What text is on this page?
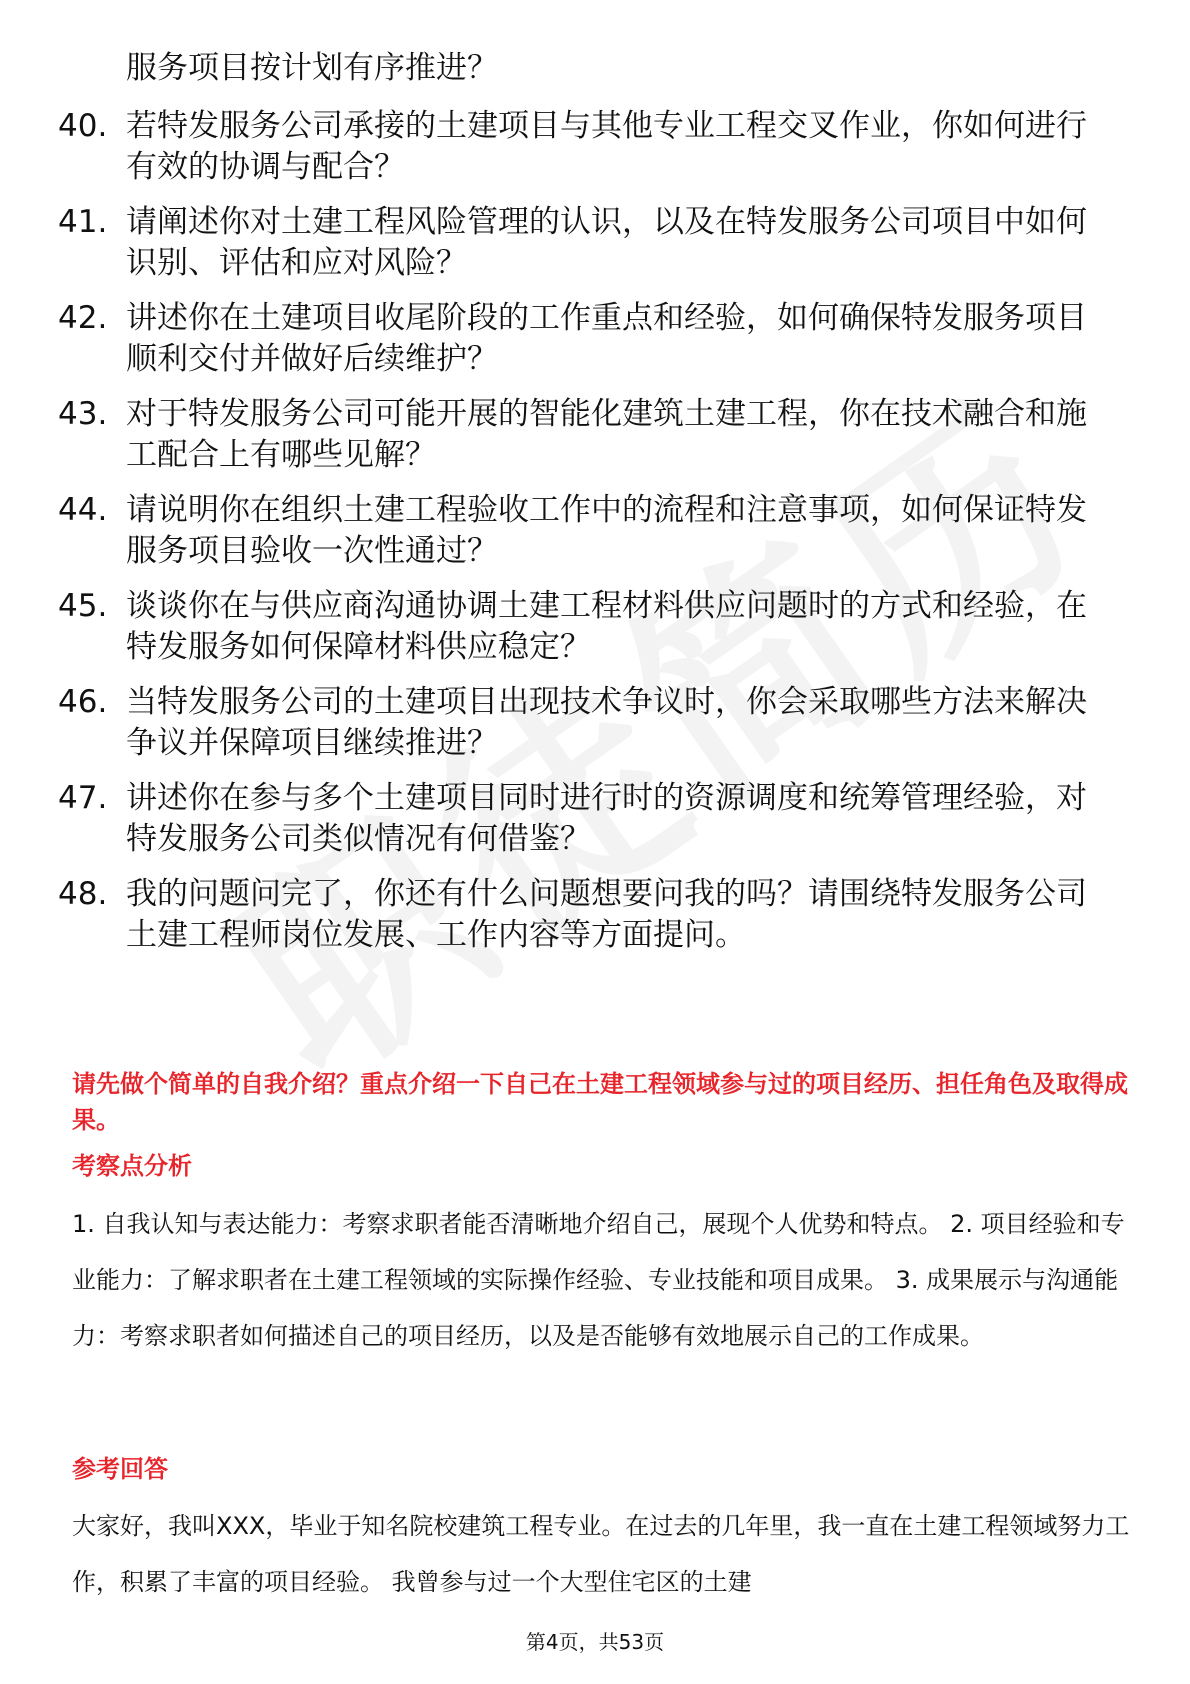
服务项目按计划有序推进？
40. 若特发服务公司承接的土建项目与其他专业工程交叉作业，你如何进行有效的协调与配合？
41. 请阐述你对土建工程风险管理的认识，以及在特发服务公司项目中如何识别、评估和应对风险？
42. 讲述你在土建项目收尾阶段的工作重点和经验，如何确保特发服务项目顺利交付并做好后续维护？
43. 对于特发服务公司可能开展的智能化建筑土建工程，你在技术融合和施工配合上有哪些见解？
44. 请说明你在组织土建工程验收工作中的流程和注意事项，如何保证特发服务项目验收一次性通过？
45. 谈谈你在与供应商沟通协调土建工程材料供应问题时的方式和经验，在特发服务如何保障材料供应稳定？
46. 当特发服务公司的土建项目出现技术争议时，你会采取哪些方法来解决争议并保障项目继续推进？
47. 讲述你在参与多个土建项目同时进行时的资源调度和统筹管理经验，对特发服务公司类似情况有何借鉴？
48. 我的问题问完了，你还有什么问题想要问我的吗？请围绕特发服务公司土建工程师岗位发展、工作内容等方面提问。
请先做个简单的自我介绍？重点介绍一下自己在土建工程领域参与过的项目经历、担任角色及取得成果。
考察点分析
1. 自我认知与表达能力：考察求职者能否清晰地介绍自己，展现个人优势和特点。 2. 项目经验和专业能力：了解求职者在土建工程领域的实际操作经验、专业技能和项目成果。 3. 成果展示与沟通能力：考察求职者如何描述自己的项目经历，以及是否能够有效地展示自己的工作成果。
参考回答
大家好，我叫XXX，毕业于知名院校建筑工程专业。在过去的几年里，我一直在土建工程领域努力工作，积累了丰富的项目经验。 我曾参与过一个大型住宅区的土建
第4页，共53页
